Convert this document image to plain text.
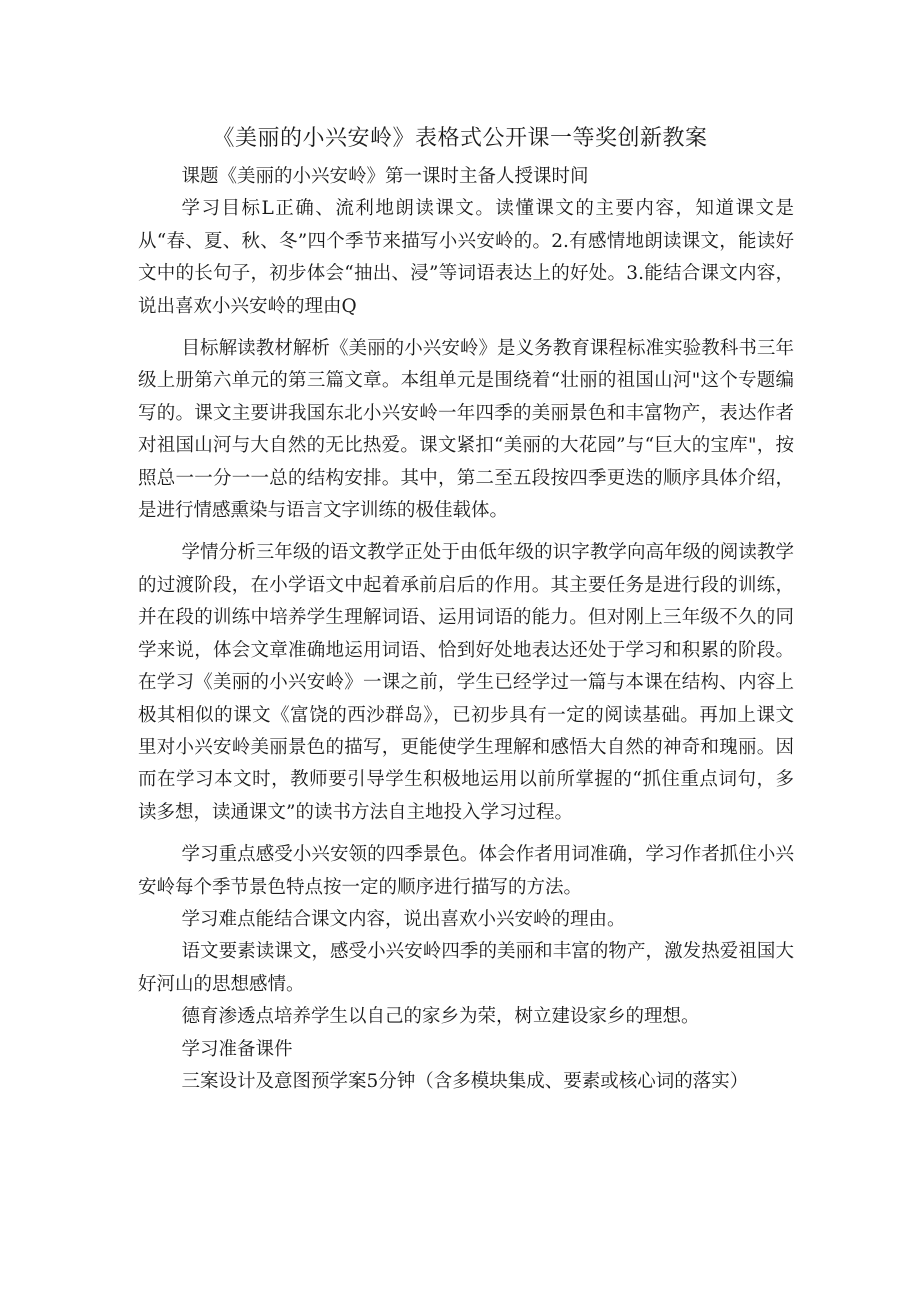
《美丽的小兴安岭》表格式公开课一等奖创新教案

课题《美丽的小兴安岭》第一课时主备人授课时间

学习目标L正确、流利地朗读课文。读懂课文的主要内容，知道课文是从“春、夏、秋、冬”四个季节来描写小兴安岭的。2.有感情地朗读课文，能读好文中的长句子，初步体会“抽出、浸”等词语表达上的好处。3.能结合课文内容，说出喜欢小兴安岭的理由Q

目标解读教材解析《美丽的小兴安岭》是义务教育课程标准实验教科书三年级上册第六单元的第三篇文章。本组单元是围绕着“壮丽的祖国山河"这个专题编写的。课文主要讲我国东北小兴安岭一年四季的美丽景色和丰富物产，表达作者对祖国山河与大自然的无比热爱。课文紧扣“美丽的大花园”与“巨大的宝库"，按照总一一分一一总的结构安排。其中，第二至五段按四季更迭的顺序具体介绍，是进行情感熏染与语言文字训练的极佳载体。

学情分析三年级的语文教学正处于由低年级的识字教学向高年级的阅读教学的过渡阶段，在小学语文中起着承前启后的作用。其主要任务是进行段的训练，并在段的训练中培养学生理解词语、运用词语的能力。但对刚上三年级不久的同学来说，体会文章准确地运用词语、恰到好处地表达还处于学习和积累的阶段。在学习《美丽的小兴安岭》一课之前，学生已经学过一篇与本课在结构、内容上极其相似的课文《富饶的西沙群岛》，已初步具有一定的阅读基础。再加上课文里对小兴安岭美丽景色的描写，更能使学生理解和感悟大自然的神奇和瑰丽。因而在学习本文时，教师要引导学生积极地运用以前所掌握的“抓住重点词句，多读多想，读通课文”的读书方法自主地投入学习过程。

学习重点感受小兴安领的四季景色。体会作者用词准确，学习作者抓住小兴安岭每个季节景色特点按一定的顺序进行描写的方法。

学习难点能结合课文内容，说出喜欢小兴安岭的理由。

语文要素读课文，感受小兴安岭四季的美丽和丰富的物产，激发热爱祖国大好河山的思想感情。

德育渗透点培养学生以自己的家乡为荣，树立建设家乡的理想。

学习准备课件

三案设计及意图预学案5分钟（含多模块集成、要素或核心词的落实）
